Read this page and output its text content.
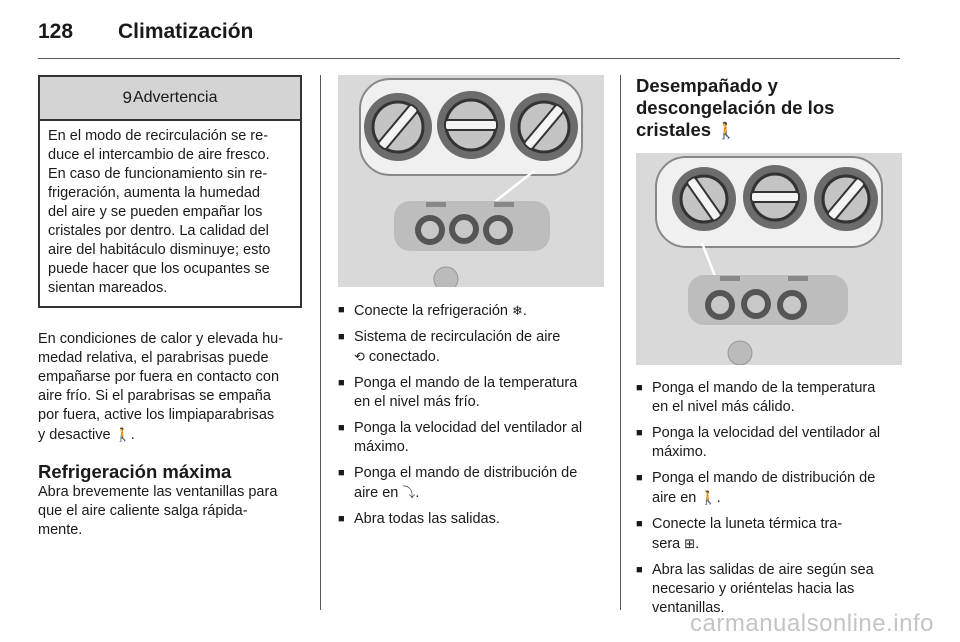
128 Climatización
9 Advertencia
En el modo de recirculación se re-
duce el intercambio de aire fresco.
En caso de funcionamiento sin re-
frigeración, aumenta la humedad
del aire y se pueden empañar los
cristales por dentro. La calidad del
aire del habitáculo disminuye; esto
puede hacer que los ocupantes se
sientan mareados.

En condiciones de calor y elevada hu-

medad relativa, el parabrisas puede

empañarse por fuera en contacto con

aire frío. Si el parabrisas se empaña

por fuera, active los limpiaparabrisas

y desactive 🚶.

Refrigeración máxima

Abra brevemente las ventanillas para

que el aire caliente salga rápida-

mente.

■ Conecte la refrigeración ❄.
■ Sistema de recirculación de aire
⟲ conectado.
■ Ponga el mando de la temperatura
en el nivel más frío.
■ Ponga la velocidad del ventilador al
máximo.
■ Ponga el mando de distribución de
aire en ⤵.
■ Abra todas las salidas.
Desempañado y
descongelación de los
cristales 🚶
■ Ponga el mando de la temperatura
en el nivel más cálido.
■ Ponga la velocidad del ventilador al
máximo.
■ Ponga el mando de distribución de
aire en 🚶.
■ Conecte la luneta térmica tra-
sera ⊞.
■ Abra las salidas de aire según sea
necesario y oriéntelas hacia las
ventanillas.
carmanualsonline.info
